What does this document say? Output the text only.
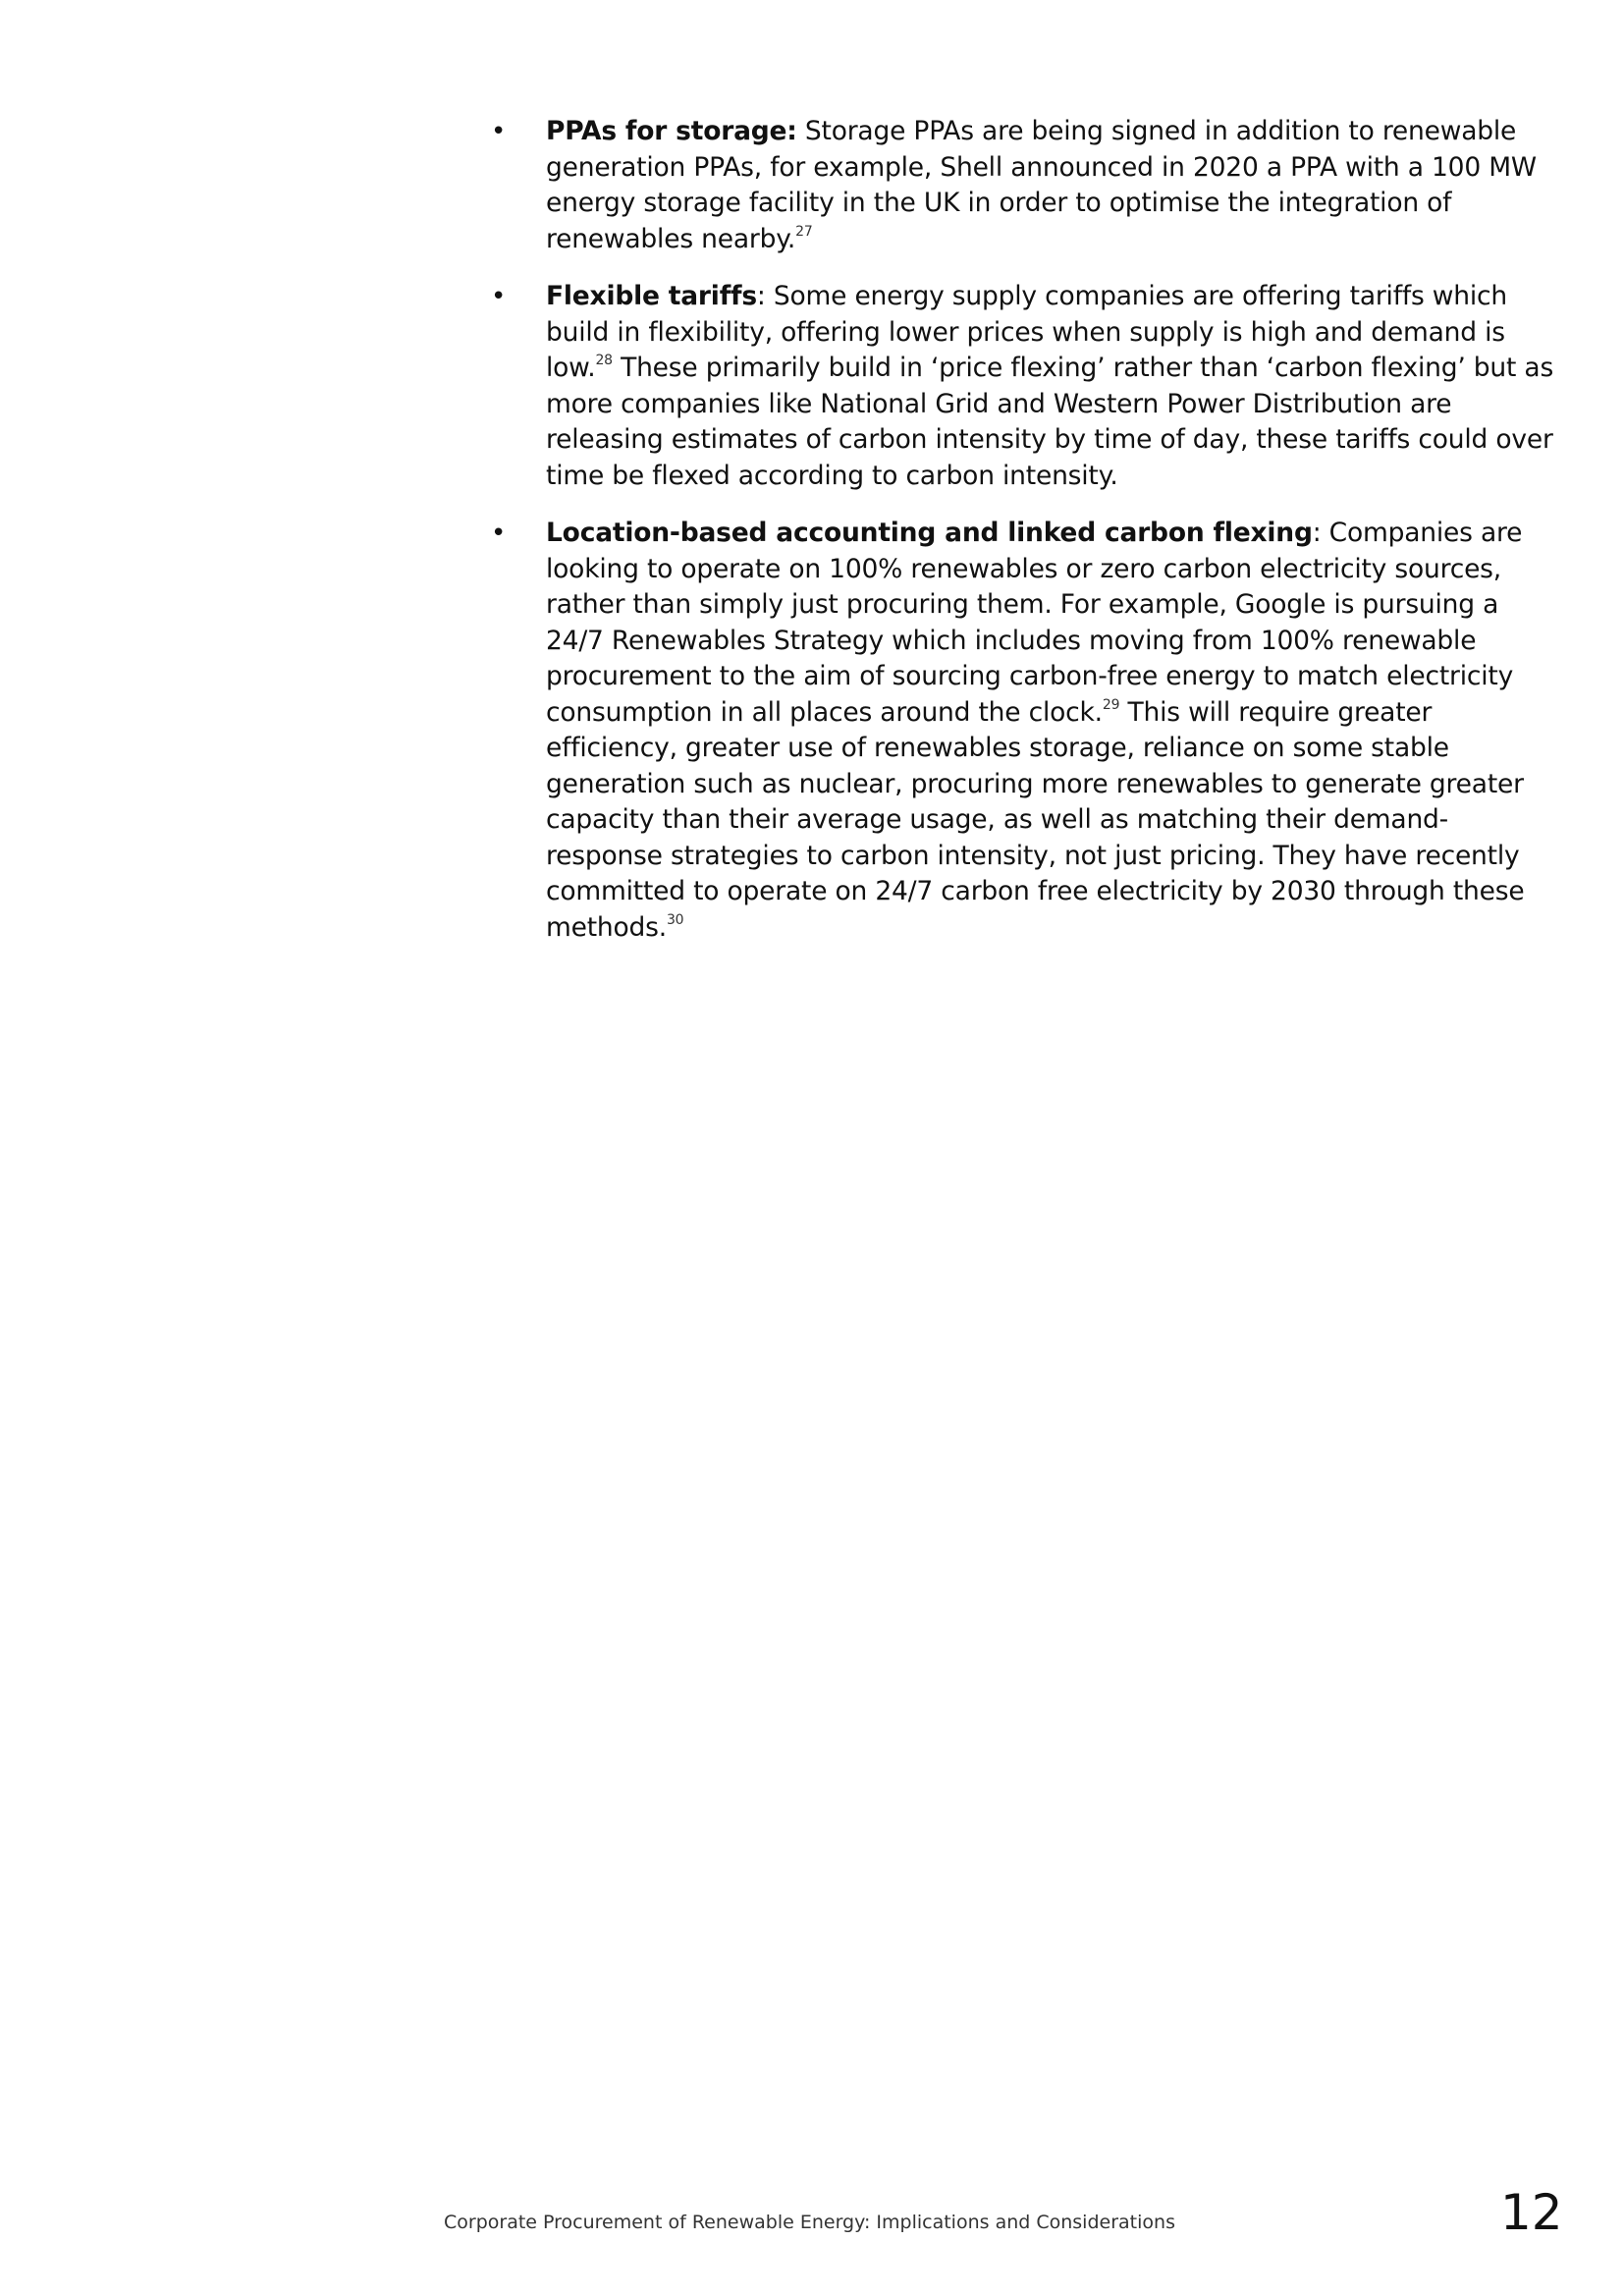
• PPAs for storage: Storage PPAs are being signed in addition to renewable generation PPAs, for example, Shell announced in 2020 a PPA with a 100 MW energy storage facility in the UK in order to optimise the integration of renewables nearby.$^{27}$
• Flexible tariffs: Some energy supply companies are offering tariffs which build in flexibility, offering lower prices when supply is high and demand is low.$^{28}$ These primarily build in ‘price flexing’ rather than ‘carbon flexing’ but as more companies like National Grid and Western Power Distribution are releasing estimates of carbon intensity by time of day, these tariffs could over time be flexed according to carbon intensity.
• Location-based accounting and linked carbon flexing: Companies are looking to operate on 100% renewables or zero carbon electricity sources, rather than simply just procuring them. For example, Google is pursuing a 24/7 Renewables Strategy which includes moving from 100% renewable procurement to the aim of sourcing carbon-free energy to match electricity consumption in all places around the clock.$^{29}$ This will require greater efficiency, greater use of renewables storage, reliance on some stable generation such as nuclear, procuring more renewables to generate greater capacity than their average usage, as well as matching their demand-response strategies to carbon intensity, not just pricing. They have recently committed to operate on 24/7 carbon free electricity by 2030 through these methods.$^{30}$
Corporate Procurement of Renewable Energy: Implications and Considerations	12
